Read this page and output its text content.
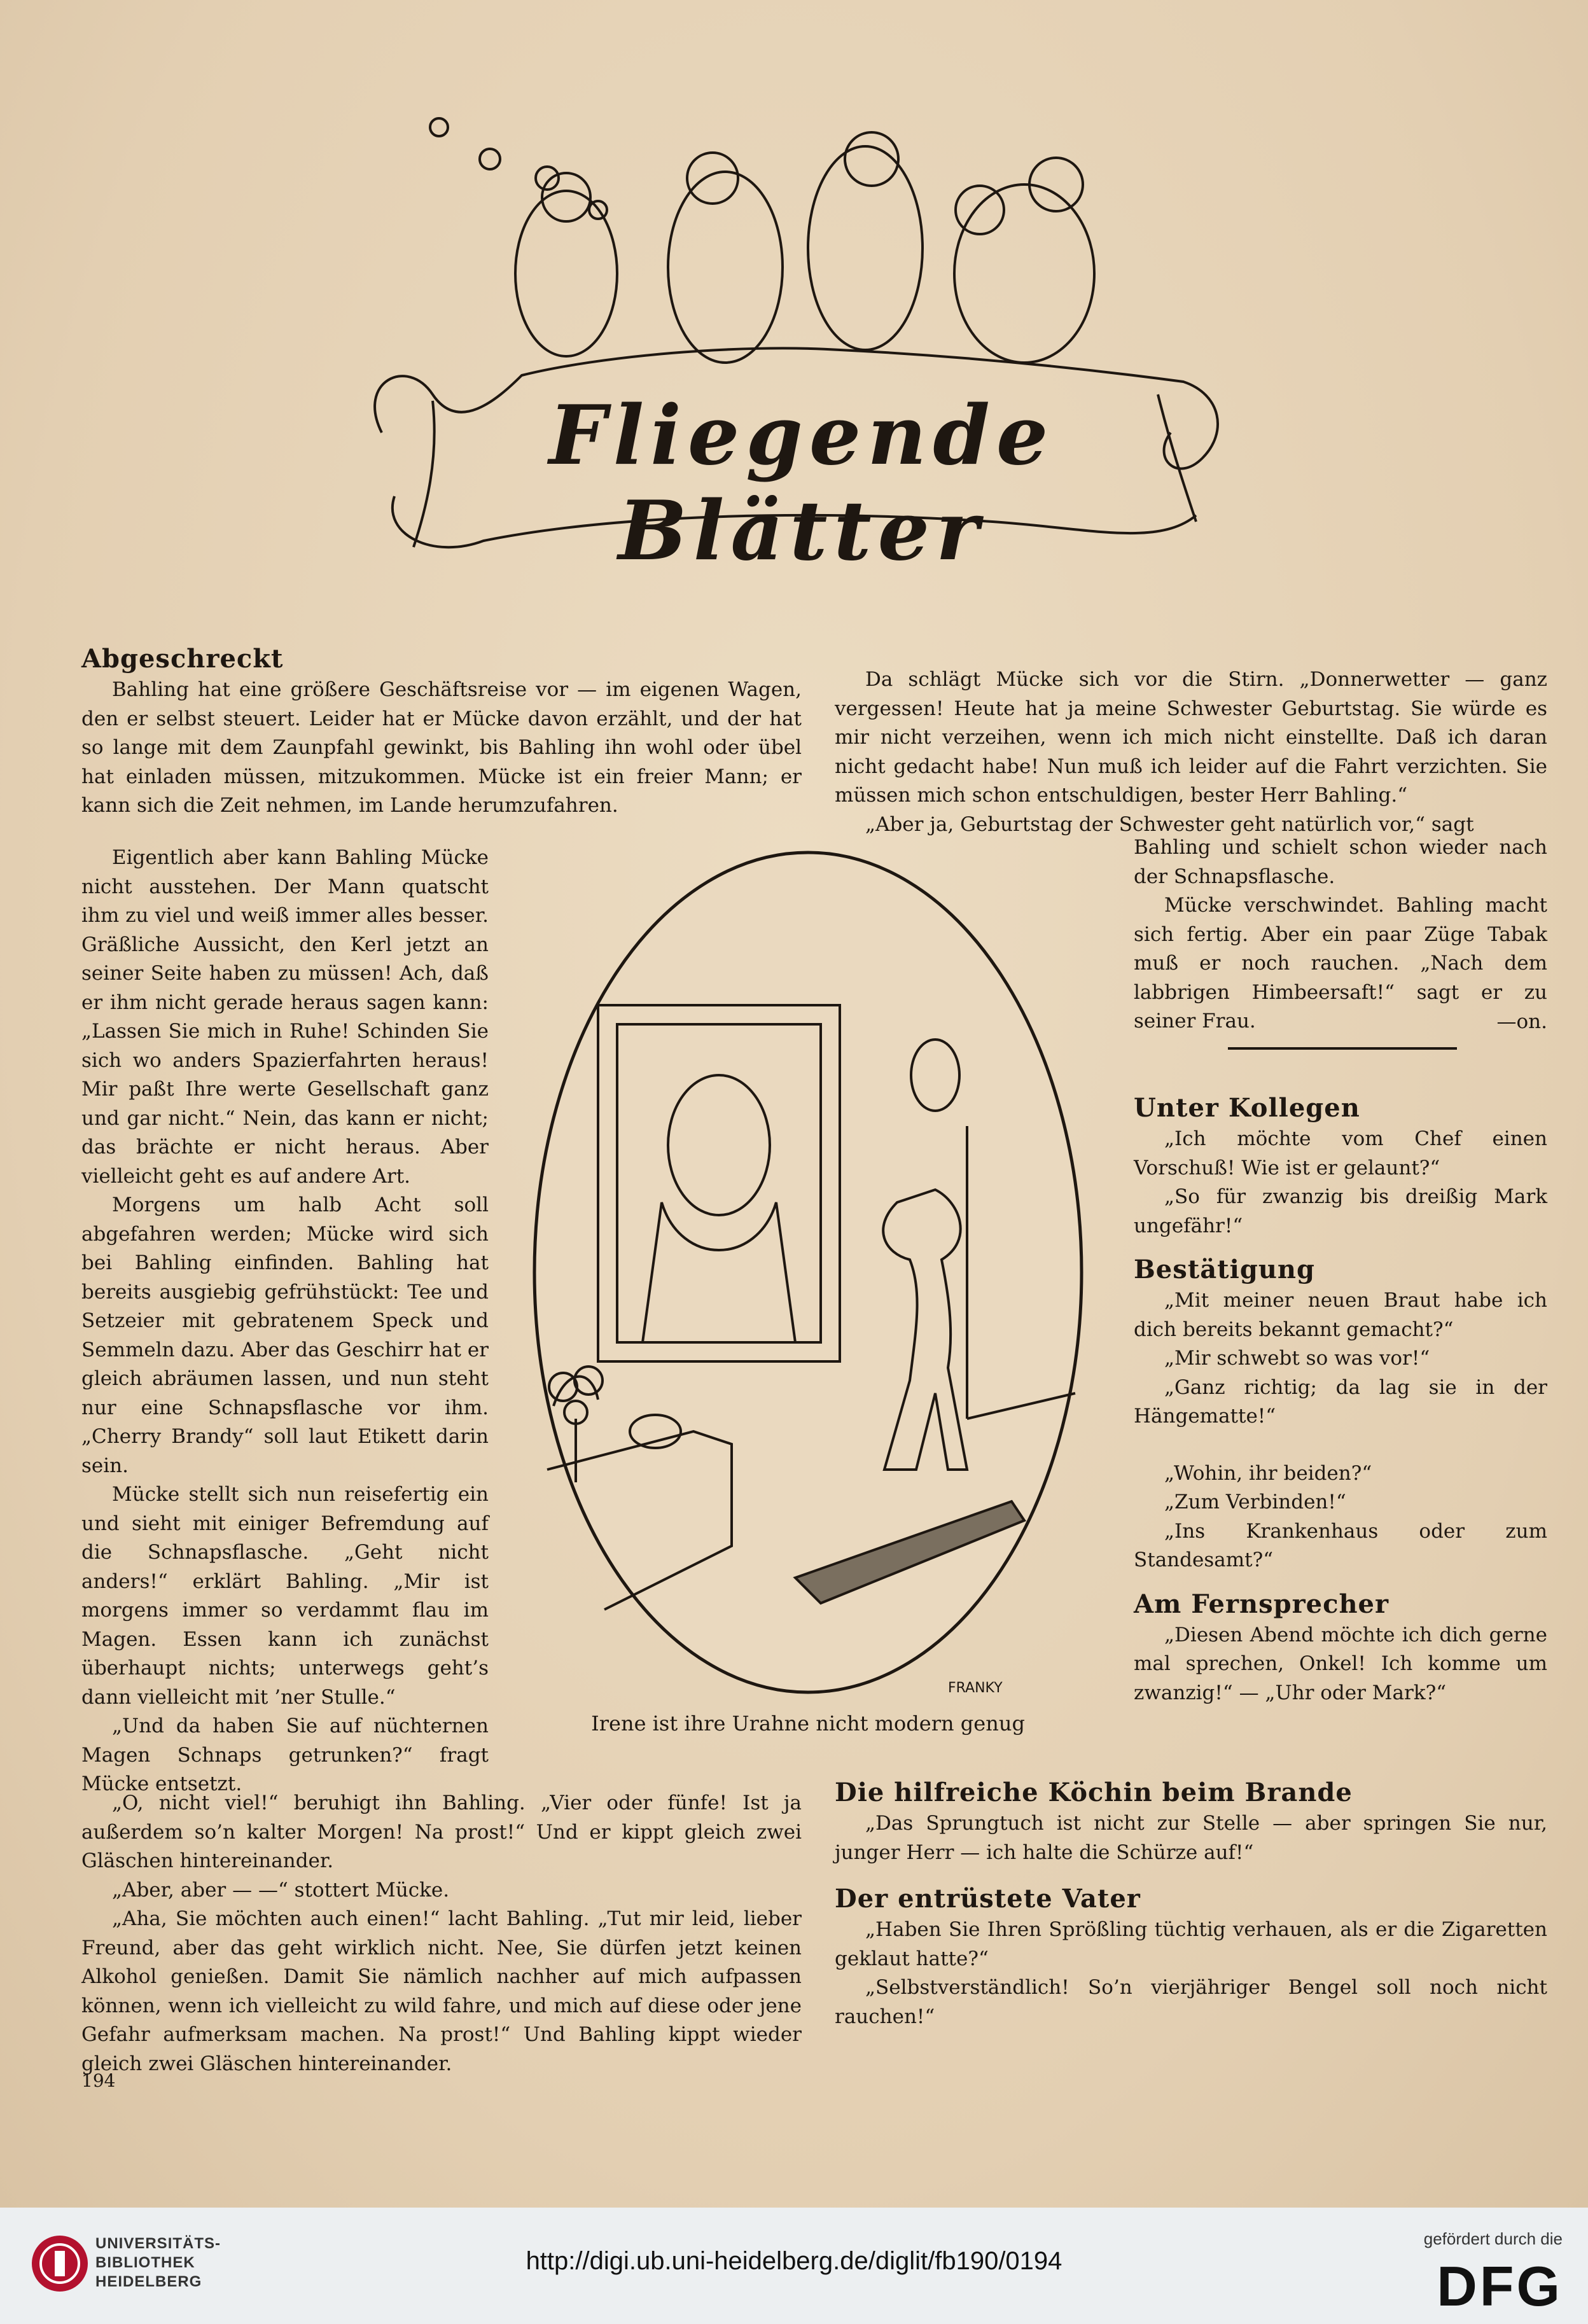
Fliegende Blätter
Abgeschreckt

Bahling hat eine größere Geschäftsreise vor — im eigenen Wagen, den er selbst steuert. Leider hat er Mücke davon erzählt, und der hat so lange mit dem Zaunpfahl gewinkt, bis Bahling ihn wohl oder übel hat einladen müssen, mitzukommen. Mücke ist ein freier Mann; er kann sich die Zeit nehmen, im Lande herumzufahren.

Eigentlich aber kann Bahling Mücke nicht ausstehen. Der Mann quatscht ihm zu viel und weiß immer alles besser. Gräßliche Aussicht, den Kerl jetzt an seiner Seite haben zu müssen! Ach, daß er ihm nicht gerade heraus sagen kann: „Lassen Sie mich in Ruhe! Schinden Sie sich wo anders Spazierfahrten heraus! Mir paßt Ihre werte Gesellschaft ganz und gar nicht.“ Nein, das kann er nicht; das brächte er nicht heraus. Aber vielleicht geht es auf andere Art.

Morgens um halb Acht soll abgefahren werden; Mücke wird sich bei Bahling einfinden. Bahling hat bereits ausgiebig gefrühstückt: Tee und Setzeier mit gebratenem Speck und Semmeln dazu. Aber das Geschirr hat er gleich abräumen lassen, und nun steht nur eine Schnapsflasche vor ihm. „Cherry Brandy“ soll laut Etikett darin sein.

Mücke stellt sich nun reisefertig ein und sieht mit einiger Befremdung auf die Schnapsflasche. „Geht nicht anders!“ erklärt Bahling. „Mir ist morgens immer so verdammt flau im Magen. Essen kann ich zunächst überhaupt nichts; unterwegs geht’s dann vielleicht mit ’ner Stulle.“

„Und da haben Sie auf nüchternen Magen Schnaps getrunken?“ fragt Mücke entsetzt.

„O, nicht viel!“ beruhigt ihn Bahling. „Vier oder fünfe! Ist ja außerdem so’n kalter Morgen! Na prost!“ Und er kippt gleich zwei Gläschen hintereinander.

„Aber, aber — —“ stottert Mücke.

„Aha, Sie möchten auch einen!“ lacht Bahling. „Tut mir leid, lieber Freund, aber das geht wirklich nicht. Nee, Sie dürfen jetzt keinen Alkohol genießen. Damit Sie nämlich nachher auf mich aufpassen können, wenn ich vielleicht zu wild fahre, und mich auf diese oder jene Gefahr aufmerksam machen. Na prost!“ Und Bahling kippt wieder gleich zwei Gläschen hintereinander.

Da schlägt Mücke sich vor die Stirn. „Donnerwetter — ganz vergessen! Heute hat ja meine Schwester Geburtstag. Sie würde es mir nicht verzeihen, wenn ich mich nicht einstellte. Daß ich daran nicht gedacht habe! Nun muß ich leider auf die Fahrt verzichten. Sie müssen mich schon entschuldigen, bester Herr Bahling.“

„Aber ja, Geburtstag der Schwester geht natürlich vor,“ sagt

Bahling und schielt schon wieder nach der Schnapsflasche.

Mücke verschwindet. Bahling macht sich fertig. Aber ein paar Züge Tabak muß er noch rauchen. „Nach dem labbrigen Himbeersaft!“ sagt er zu seiner Frau.	—on.
Unter Kollegen

„Ich möchte vom Chef einen Vorschuß! Wie ist er gelaunt?“

„So für zwanzig bis dreißig Mark ungefähr!“

Bestätigung

„Mit meiner neuen Braut habe ich dich bereits bekannt gemacht?“

„Mir schwebt so was vor!“

„Ganz richtig; da lag sie in der Hängematte!“

„Wohin, ihr beiden?“

„Zum Verbinden!“

„Ins Krankenhaus oder zum Standesamt?“

Am Fernsprecher

„Diesen Abend möchte ich dich gerne mal sprechen, Onkel! Ich komme um zwanzig!“ — „Uhr oder Mark?“

Die hilfreiche Köchin beim Brande

„Das Sprungtuch ist nicht zur Stelle — aber springen Sie nur, junger Herr — ich halte die Schürze auf!“

Der entrüstete Vater

„Haben Sie Ihren Sprößling tüchtig verhauen, als er die Zigaretten geklaut hatte?“

„Selbstverständlich! So’n vierjähriger Bengel soll noch nicht rauchen!“

FRANKY
Irene ist ihre Urahne nicht modern genug
194
UNIVERSITÄTS-
BIBLIOTHEK
HEIDELBERG
http://digi.ub.uni-heidelberg.de/diglit/fb190/0194
gefördert durch die
DFG
